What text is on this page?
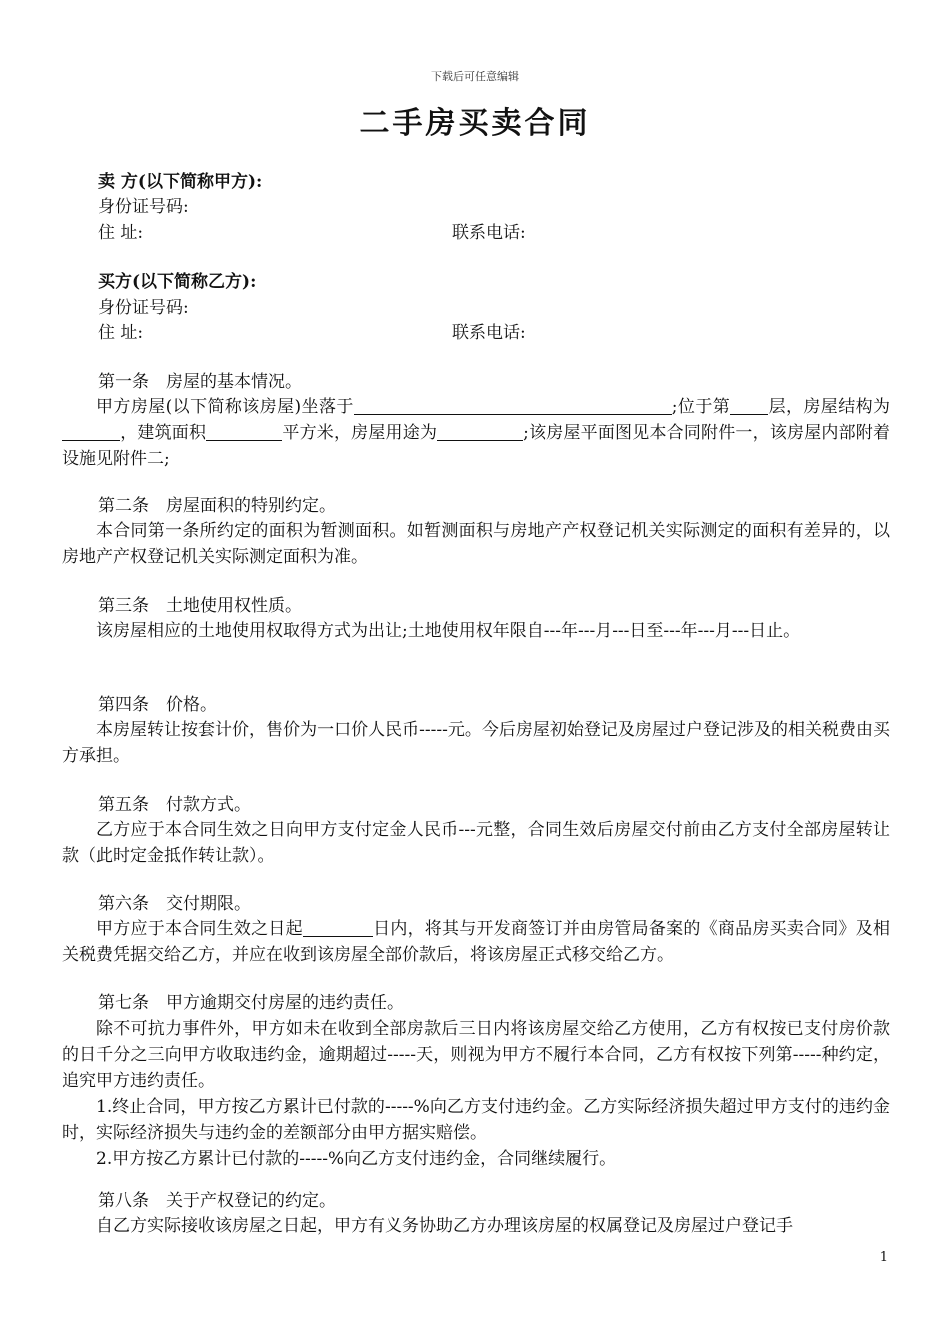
下载后可任意编辑
二手房买卖合同
卖 方(以下简称甲方):
身份证号码:
住 址:	联系电话:
买方(以下简称乙方):
身份证号码:
住 址:	联系电话:
第一条　房屋的基本情况。

甲方房屋(以下简称该房屋)坐落于	;位于第 层，房屋结构为，建筑面积	平方米，房屋用途为	;该房屋平面图见本合同附件一，该房屋内部附着设施见附件二;

第二条　房屋面积的特别约定。

本合同第一条所约定的面积为暂测面积。如暂测面积与房地产产权登记机关实际测定的面积有差异的，以房地产产权登记机关实际测定面积为准。

第三条　土地使用权性质。

该房屋相应的土地使用权取得方式为出让;土地使用权年限自---年---月---日至---年---月---日止。

第四条　价格。

本房屋转让按套计价，售价为一口价人民币-----元。今后房屋初始登记及房屋过户登记涉及的相关税费由买方承担。

第五条　付款方式。

乙方应于本合同生效之日向甲方支付定金人民币---元整，合同生效后房屋交付前由乙方支付全部房屋转让款（此时定金抵作转让款）。

第六条　交付期限。

甲方应于本合同生效之日起	日内，将其与开发商签订并由房管局备案的《商品房买卖合同》及相关税费凭据交给乙方，并应在收到该房屋全部价款后，将该房屋正式移交给乙方。

第七条　甲方逾期交付房屋的违约责任。

除不可抗力事件外，甲方如未在收到全部房款后三日内将该房屋交给乙方使用，乙方有权按已支付房价款的日千分之三向甲方收取违约金，逾期超过-----天，则视为甲方不履行本合同，乙方有权按下列第-----种约定，追究甲方违约责任。

1.终止合同，甲方按乙方累计已付款的-----%向乙方支付违约金。乙方实际经济损失超过甲方支付的违约金时，实际经济损失与违约金的差额部分由甲方据实赔偿。

2.甲方按乙方累计已付款的-----%向乙方支付违约金，合同继续履行。

第八条　关于产权登记的约定。

自乙方实际接收该房屋之日起，甲方有义务协助乙方办理该房屋的权属登记及房屋过户登记手

1
